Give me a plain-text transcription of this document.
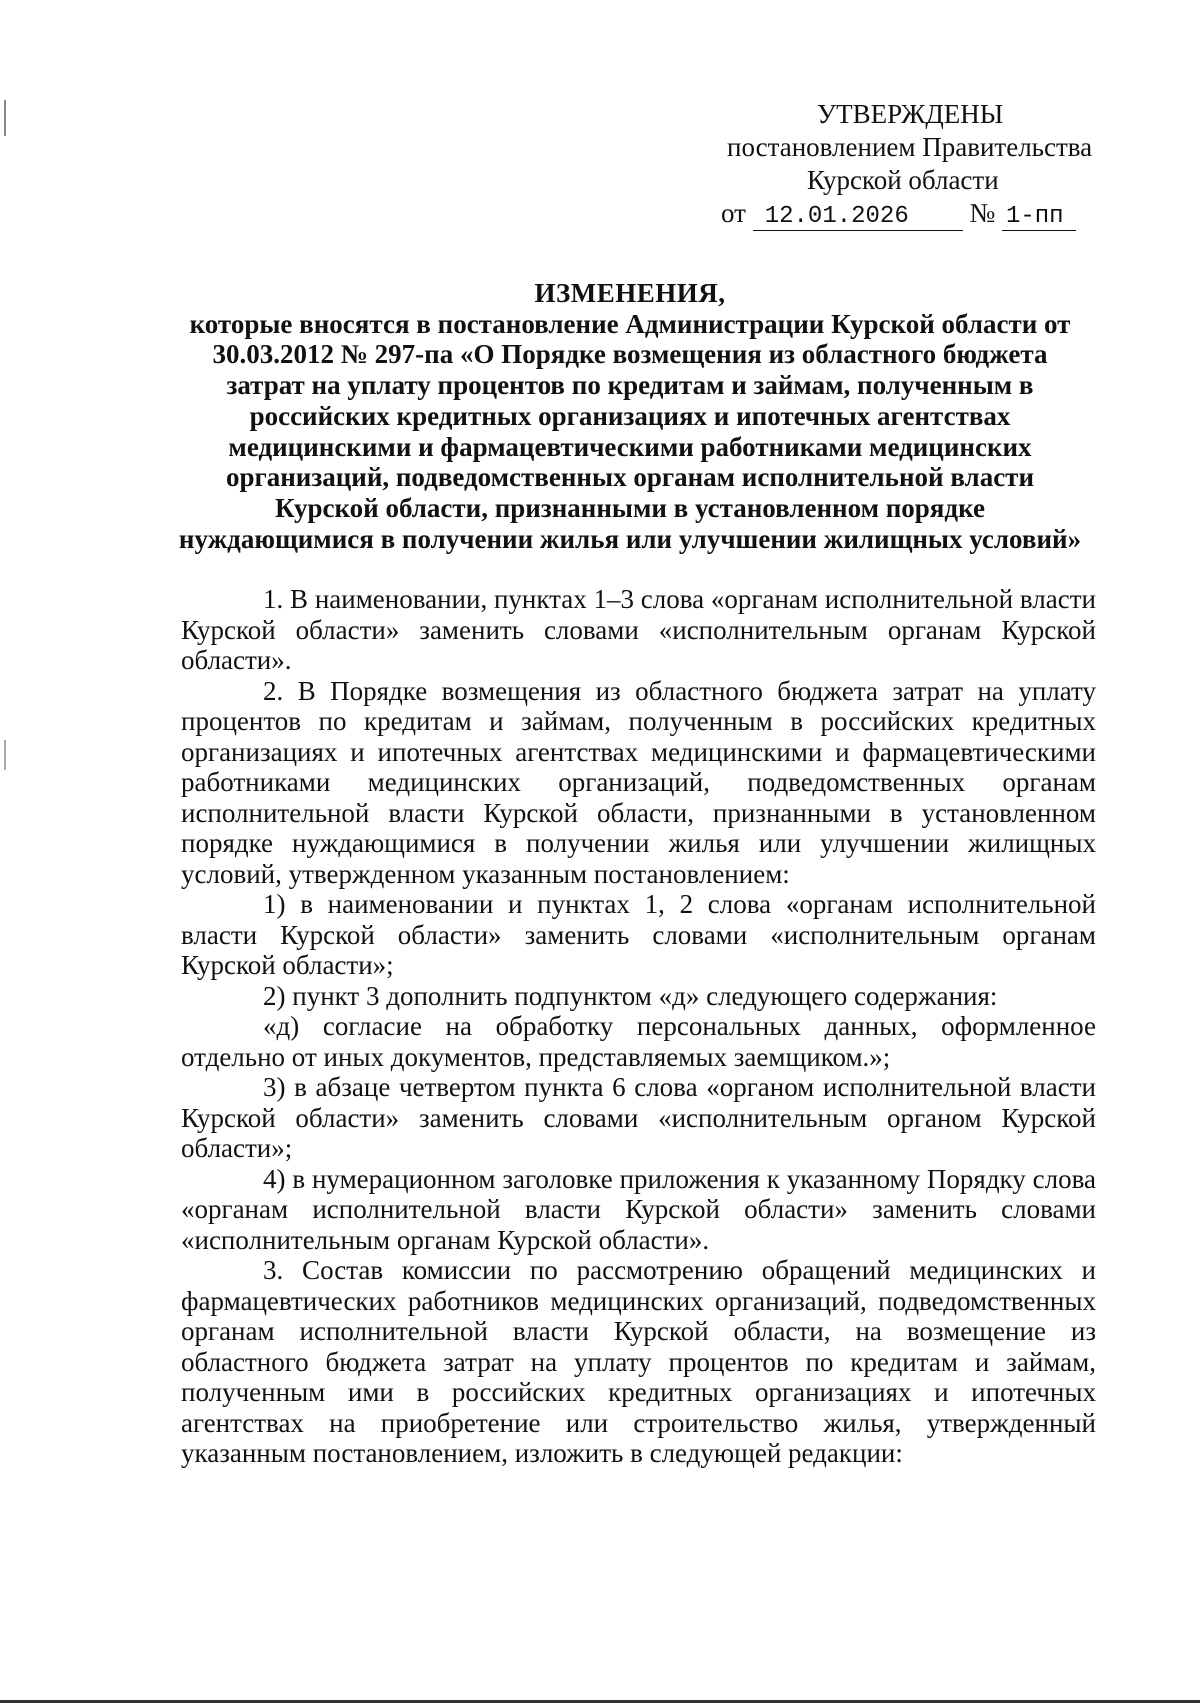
УТВЕРЖДЕНЫ
постановлением Правительства
Курской области
от 12.01.2026 № 1-пп
ИЗМЕНЕНИЯ,
которые вносятся в постановление Администрации Курской области от
30.03.2012 № 297-па «О Порядке возмещения из областного бюджета
затрат на уплату процентов по кредитам и займам, полученным в
российских кредитных организациях и ипотечных агентствах
медицинскими и фармацевтическими работниками медицинских
организаций, подведомственных органам исполнительной власти
Курской области, признанными в установленном порядке
нуждающимися в получении жилья или улучшении жилищных условий»

1. В наименовании, пунктах 1–3 слова «органам исполнительной власти Курской области» заменить словами «исполнительным органам Курской области».

2. В Порядке возмещения из областного бюджета затрат на уплату процентов по кредитам и займам, полученным в российских кредитных организациях и ипотечных агентствах медицинскими и фармацевтическими работниками медицинских организаций, подведомственных органам исполнительной власти Курской области, признанными в установленном порядке нуждающимися в получении жилья или улучшении жилищных условий, утвержденном указанным постановлением:

1) в наименовании и пунктах 1, 2 слова «органам исполнительной власти Курской области» заменить словами «исполнительным органам Курской области»;

2) пункт 3 дополнить подпунктом «д» следующего содержания:

«д) согласие на обработку персональных данных, оформленное отдельно от иных документов, представляемых заемщиком.»;

3) в абзаце четвертом пункта 6 слова «органом исполнительной власти Курской области» заменить словами «исполнительным органом Курской области»;

4) в нумерационном заголовке приложения к указанному Порядку слова «органам исполнительной власти Курской области» заменить словами «исполнительным органам Курской области».

3. Состав комиссии по рассмотрению обращений медицинских и фармацевтических работников медицинских организаций, подведомственных органам исполнительной власти Курской области, на возмещение из областного бюджета затрат на уплату процентов по кредитам и займам, полученным ими в российских кредитных организациях и ипотечных агентствах на приобретение или строительство жилья, утвержденный указанным постановлением, изложить в следующей редакции:
